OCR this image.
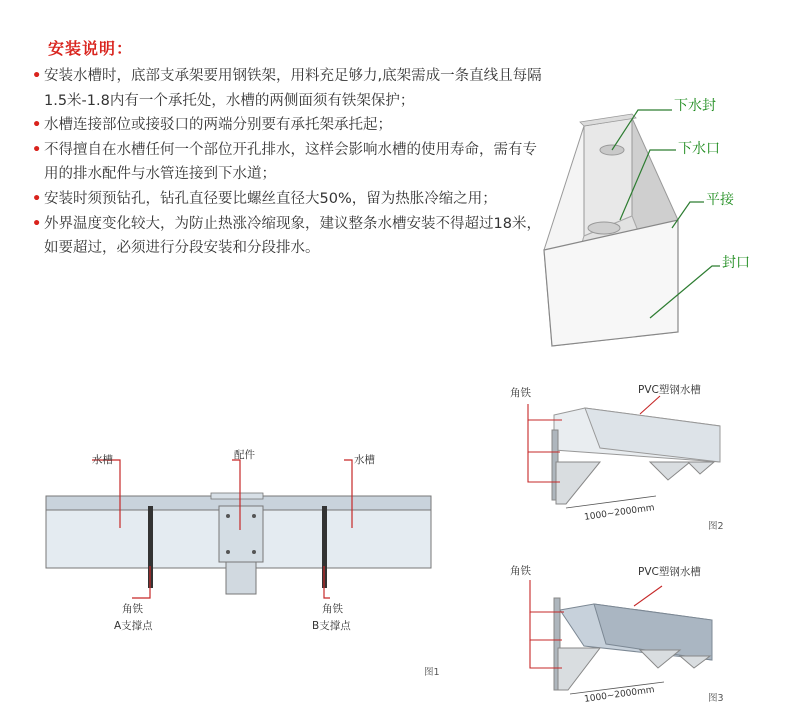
安装说明：
• 安装水槽时，底部支承架要用钢铁架，用料充足够力,底架需成一条直线且每隔1.5米-1.8内有一个承托处，水槽的两侧面须有铁架保护；
• 水槽连接部位或接驳口的两端分别要有承托架承托起；
• 不得擅自在水槽任何一个部位开孔排水，这样会影响水槽的使用寿命，需有专用的排水配件与水管连接到下水道；
• 安装时须预钻孔，钻孔直径要比螺丝直径大50%，留为热胀冷缩之用；
• 外界温度变化较大，为防止热涨冷缩现象，建议整条水槽安装不得超过18米，如要超过，必须进行分段安装和分段排水。
下水封
下水口
平接
封口
水槽	配件	水槽
角铁
A支撑点
角铁
B支撑点
图1
角铁	PVC塑钢水槽
1000~2000mm
图2
角铁	PVC塑钢水槽
1000~2000mm	图3
